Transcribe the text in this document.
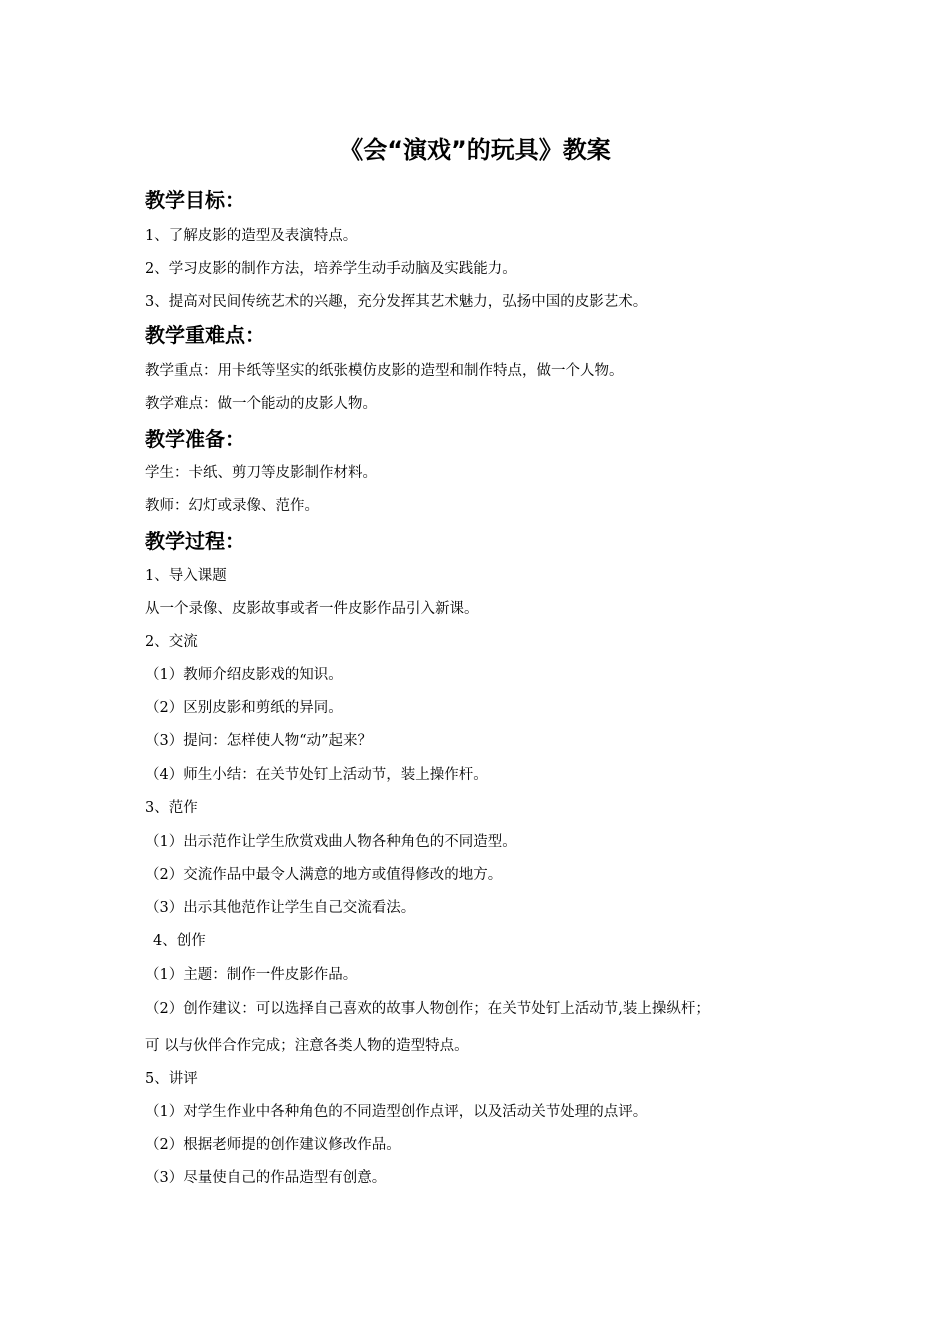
《会“演戏”的玩具》教案
教学目标：
1、了解皮影的造型及表演特点。
2、学习皮影的制作方法，培养学生动手动脑及实践能力。
3、提高对民间传统艺术的兴趣，充分发挥其艺术魅力，弘扬中国的皮影艺术。
教学重难点：
教学重点：用卡纸等坚实的纸张模仿皮影的造型和制作特点，做一个人物。
教学难点：做一个能动的皮影人物。
教学准备：
学生：卡纸、剪刀等皮影制作材料。
教师：幻灯或录像、范作。
教学过程：
1、导入课题
从一个录像、皮影故事或者一件皮影作品引入新课。
2、交流
（1）教师介绍皮影戏的知识。
（2）区别皮影和剪纸的异同。
（3）提问：怎样使人物“动”起来？
（4）师生小结：在关节处钉上活动节，装上操作杆。
3、范作
（1）出示范作让学生欣赏戏曲人物各种角色的不同造型。
（2）交流作品中最令人满意的地方或值得修改的地方。
（3）出示其他范作让学生自己交流看法。
4、创作
（1）主题：制作一件皮影作品。
（2）创作建议：可以选择自己喜欢的故事人物创作；在关节处钉上活动节,装上操纵杆；
可 以与伙伴合作完成；注意各类人物的造型特点。
5、讲评
（1）对学生作业中各种角色的不同造型创作点评，以及活动关节处理的点评。
（2）根据老师提的创作建议修改作品。
（3）尽量使自己的作品造型有创意。
